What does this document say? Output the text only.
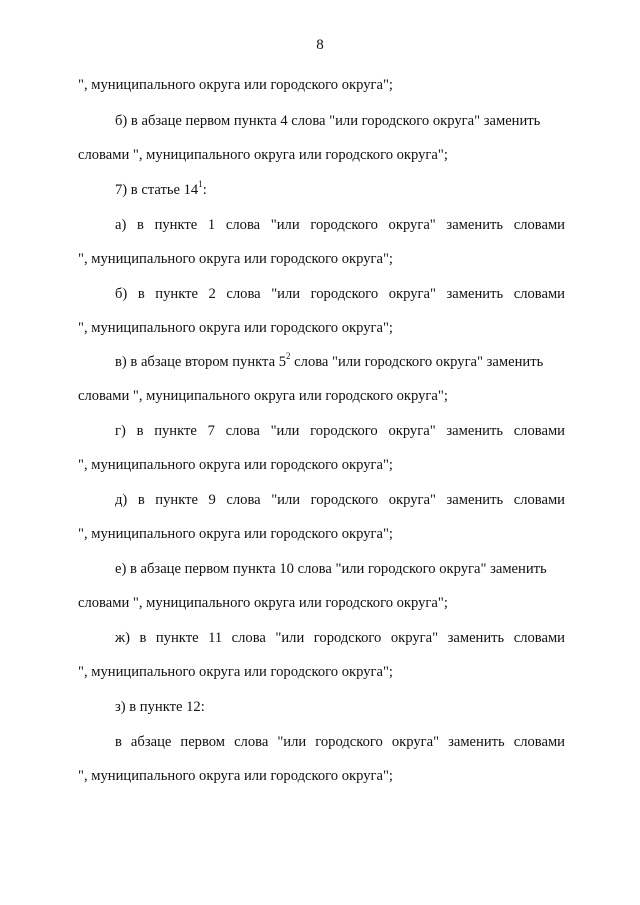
8
", муниципального округа или городского округа";
б) в абзаце первом пункта 4 слова "или городского округа" заменить
словами ", муниципального округа или городского округа";
7) в статье $14^1$:
а) в пункте 1 слова "или городского округа" заменить словами
", муниципального округа или городского округа";
б) в пункте 2 слова "или городского округа" заменить словами
", муниципального округа или городского округа";
в) в абзаце втором пункта $5^2$ слова "или городского округа" заменить
словами ", муниципального округа или городского округа";
г) в пункте 7 слова "или городского округа" заменить словами
", муниципального округа или городского округа";
д) в пункте 9 слова "или городского округа" заменить словами
", муниципального округа или городского округа";
е) в абзаце первом пункта 10 слова "или городского округа" заменить
словами ", муниципального округа или городского округа";
ж) в пункте 11 слова "или городского округа" заменить словами
", муниципального округа или городского округа";
з) в пункте 12:
в абзаце первом слова "или городского округа" заменить словами
", муниципального округа или городского округа";
